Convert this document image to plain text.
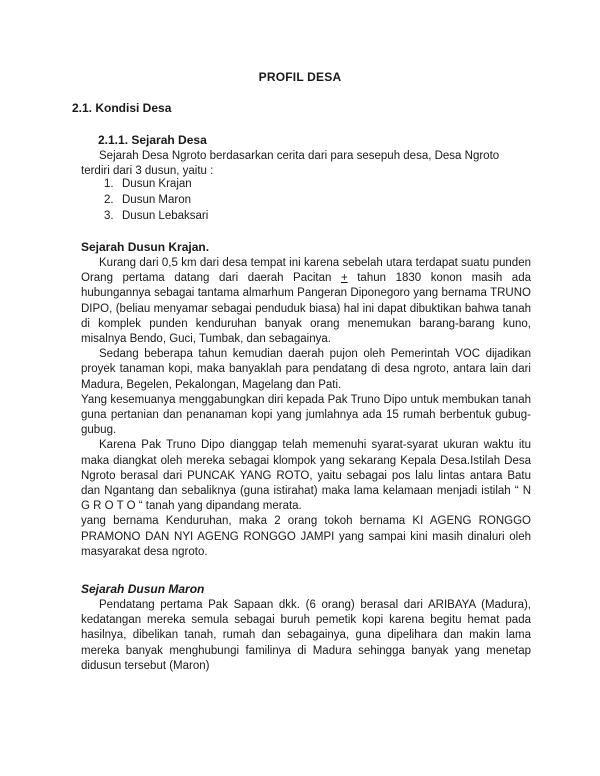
PROFIL DESA
2.1. Kondisi Desa
2.1.1. Sejarah Desa

Sejarah Desa Ngroto berdasarkan cerita dari para sesepuh desa, Desa Ngroto

terdiri dari 3 dusun, yaitu :

1. Dusun Krajan
2. Dusun Maron
3. Dusun Lebaksari
Sejarah Dusun Krajan.

Kurang dari 0,5 km dari desa tempat ini karena sebelah utara terdapat suatu punden Orang pertama datang dari daerah Pacitan + tahun 1830 konon masih ada hubungannya sebagai tantama almarhum Pangeran Diponegoro yang bernama TRUNO DIPO, (beliau menyamar sebagai penduduk biasa) hal ini dapat dibuktikan bahwa tanah di komplek punden kenduruhan banyak orang menemukan barang-barang kuno, misalnya Bendo, Guci, Tumbak, dan sebagainya.

Sedang beberapa tahun kemudian daerah pujon oleh Pemerintah VOC dijadikan proyek tanaman kopi, maka banyaklah para pendatang di desa ngroto, antara lain dari Madura, Begelen, Pekalongan, Magelang dan Pati.

Yang kesemuanya menggabungkan diri kepada Pak Truno Dipo untuk membukan tanah guna pertanian dan penanaman kopi yang jumlahnya ada 15 rumah berbentuk gubug-gubug.

Karena Pak Truno Dipo dianggap telah memenuhi syarat-syarat ukuran waktu itu maka diangkat oleh mereka sebagai klompok yang sekarang Kepala Desa.Istilah Desa Ngroto berasal dari PUNCAK YANG ROTO, yaitu sebagai pos lalu lintas antara Batu dan Ngantang dan sebaliknya (guna istirahat) maka lama kelamaan menjadi istilah “ N G R O T O “ tanah yang dipandang merata.

yang bernama Kenduruhan, maka 2 orang tokoh bernama KI AGENG RONGGO PRAMONO DAN NYI AGENG RONGGO JAMPI yang sampai kini masih dinaluri oleh masyarakat desa ngroto.

Sejarah Dusun Maron

Pendatang pertama Pak Sapaan dkk. (6 orang) berasal dari ARIBAYA (Madura), kedatangan mereka semula sebagai buruh pemetik kopi karena begitu hemat pada hasilnya, dibelikan tanah, rumah dan sebagainya, guna dipelihara dan makin lama mereka banyak menghubungi familinya di Madura sehingga banyak yang menetap didusun tersebut (Maron)
